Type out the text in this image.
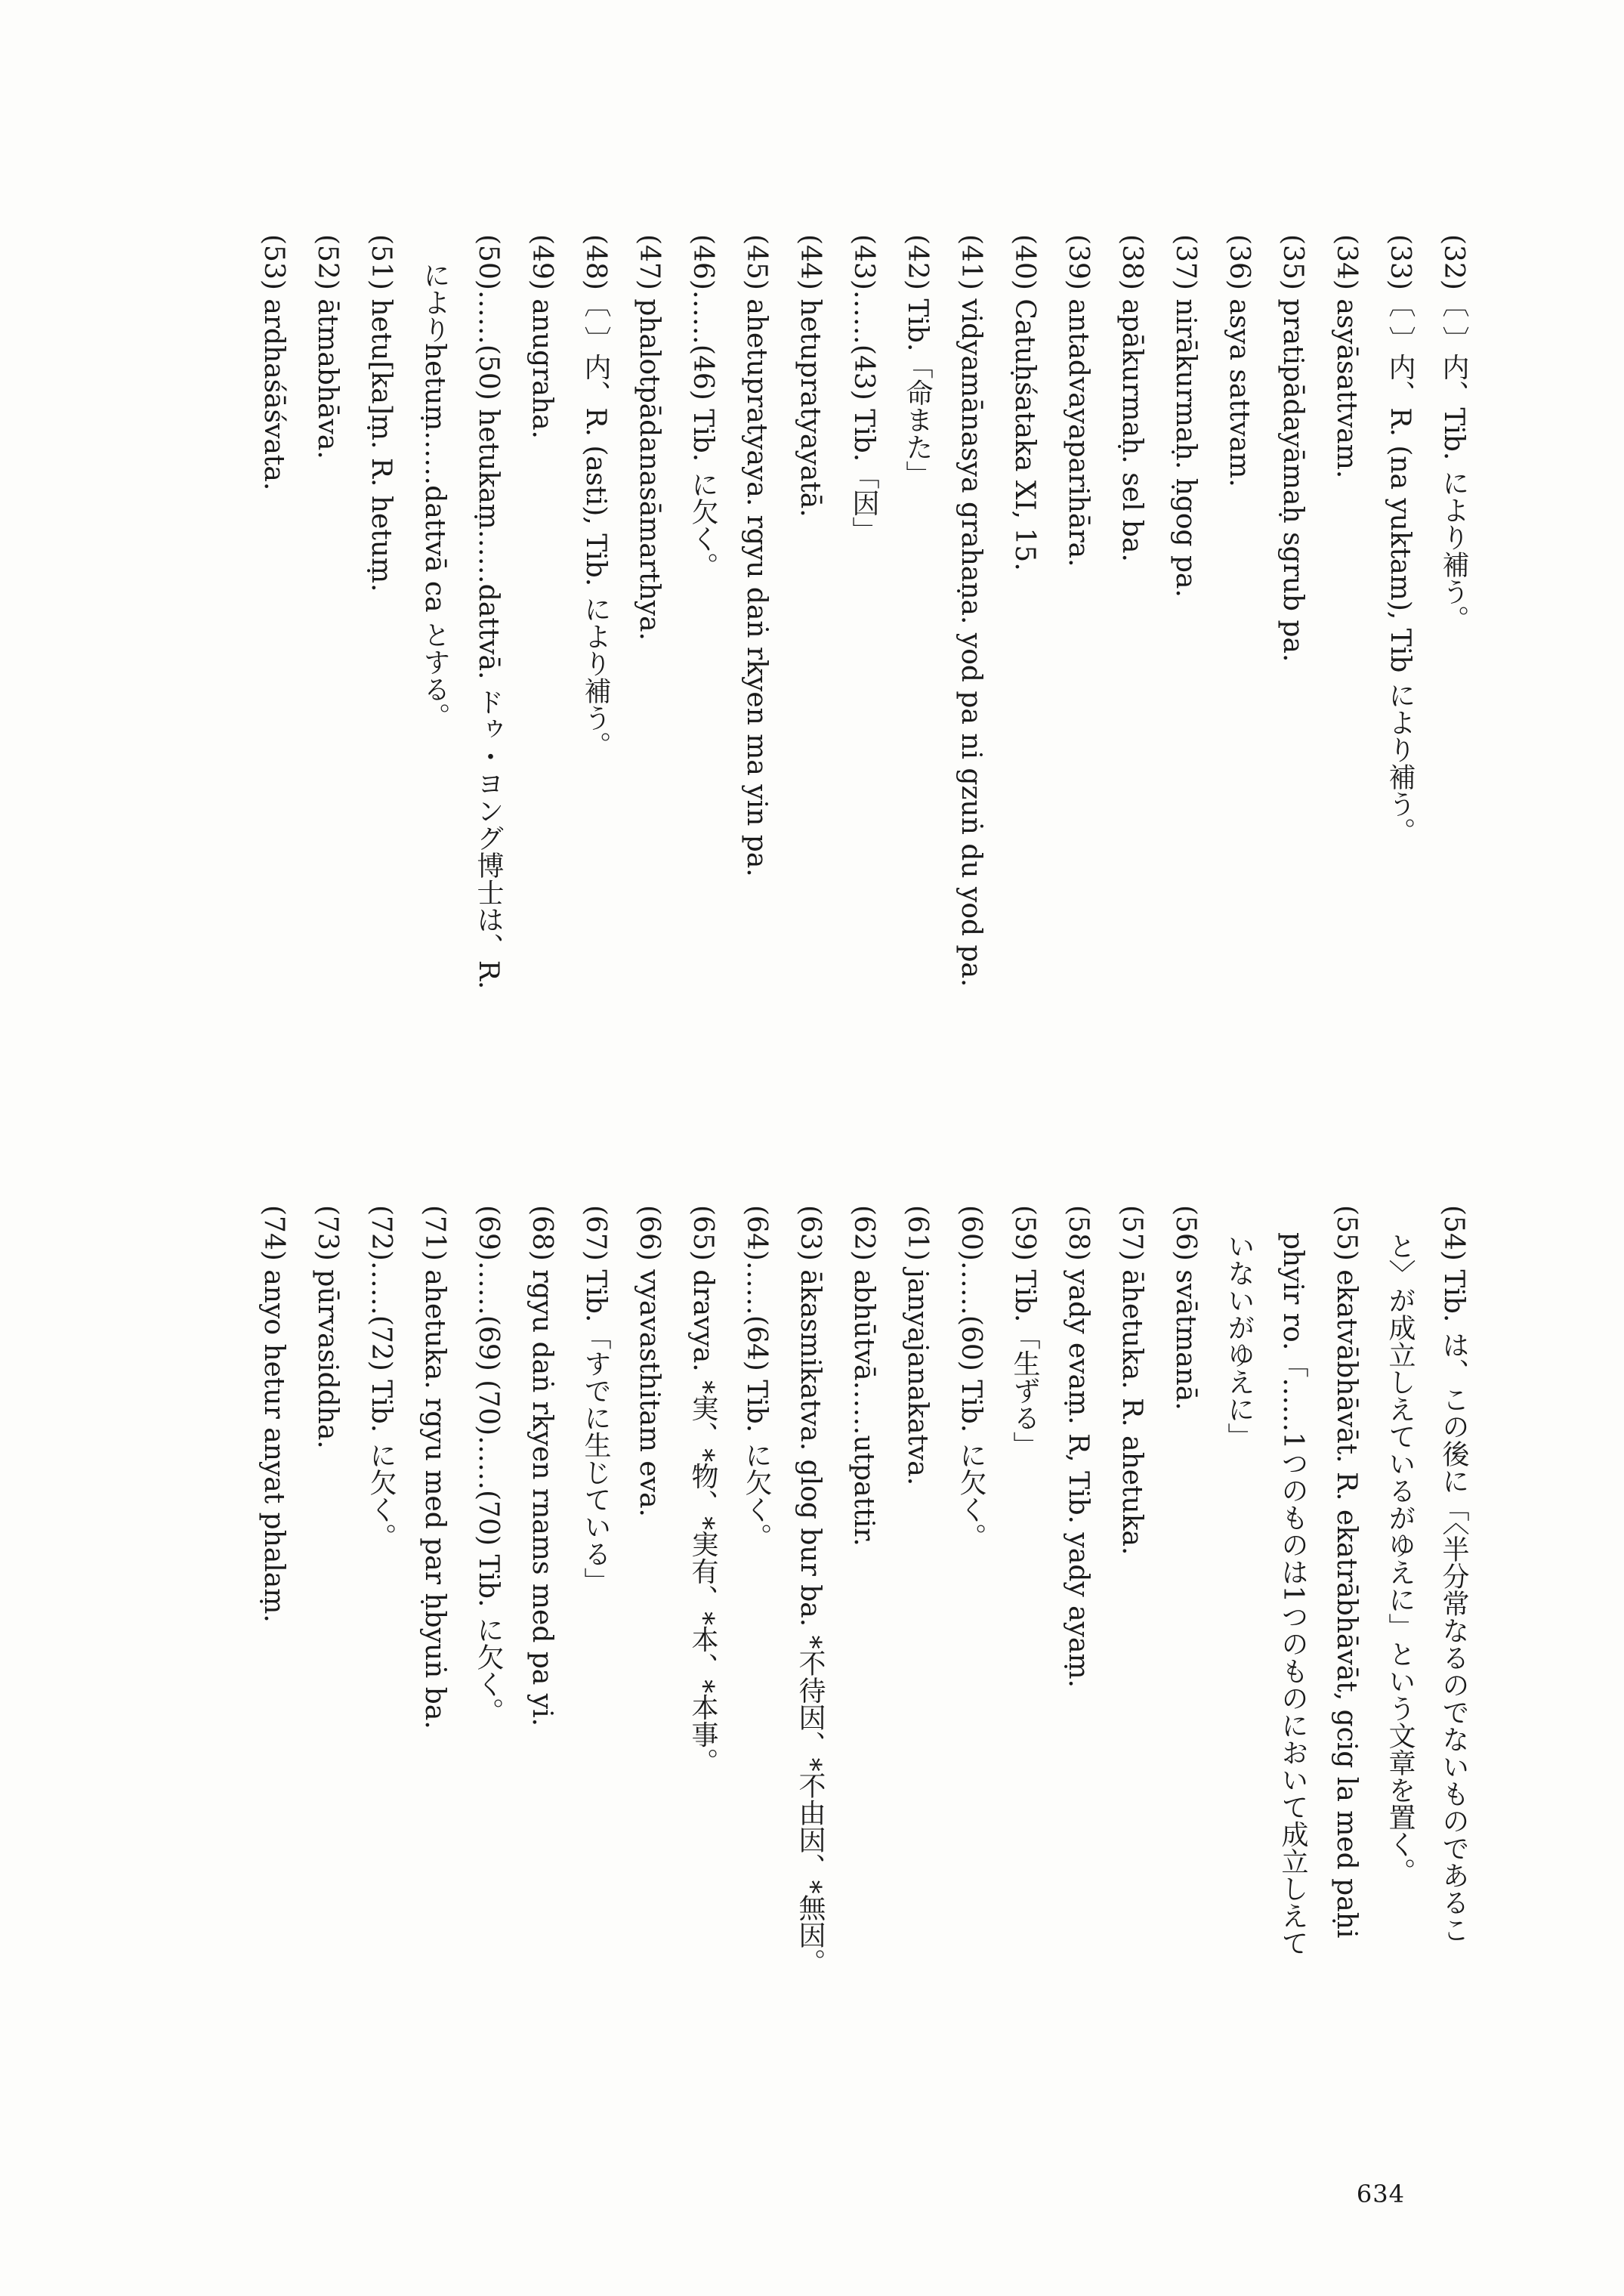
(32)〔 〕内、Tib. により補う。
(33)〔 〕内、R. (na yuktam), Tib により補う。
(34) asyāsattvam.
(35) pratipādayāmaḥ sgrub pa.
(36) asya sattvam.
(37) nirākurmaḥ. ḥgog pa.
(38) apākurmaḥ. sel ba.
(39) antadvayaparihāra.
(40) Catuḥśataka XI, 15.
(41) vidyamānasya grahaṇa. yod pa ni gzuṅ du yod pa.
(42) Tib.「命また」
(43)……(43) Tib.「因」
(44) hetupratyayatā.
(45) ahetupratyaya. rgyu daṅ rkyen ma yin pa.
(46)……(46) Tib. に欠く。
(47) phalotpādanasāmarthya.
(48)〔 〕内、R. (asti), Tib. により補う。
(49) anugraha.
(50)……(50) hetukaṃ……dattvā. ドゥ・ヨング博士は、R.
　によりhetuṃ……dattvā ca とする。
(51) hetu[ka]ṃ. R. hetuṃ.
(52) ātmabhāva.
(53) ardhaśāśvata.
(54) Tib. は、この後に「〈半分常なるのでないものであるこ
　と〉が成立しえているがゆえに」という文章を置く。
(55) ekatvābhāvāt. R. ekatrābhāvāt, gcig la med paḥi
　phyir ro.「……1つのものは1つのものにおいて成立しえて
　いないがゆえに」
(56) svātmanā.
(57) āhetuka. R. ahetuka.
(58) yady evaṃ. R, Tib. yady ayaṃ.
(59) Tib.「生ずる」
(60)……(60) Tib. に欠く。
(61) janyajanakatva.
(62) abhūtvā……utpattir.
(63) ākasmikatva. glog bur ba. *不待因、*不由因、*無因。
(64)……(64) Tib. に欠く。
(65) dravya. *実、*物、*実有、*本、*本事。
(66) vyavasthitam eva.
(67) Tib.「すでに生じている」
(68) rgyu daṅ rkyen rnams med pa yi.
(69)……(69) (70)……(70) Tib. に欠く。
(71) ahetuka. rgyu med par ḥbyuṅ ba.
(72)……(72) Tib. に欠く。
(73) pūrvasiddha.
(74) anyo hetur anyat phalaṃ.
634
